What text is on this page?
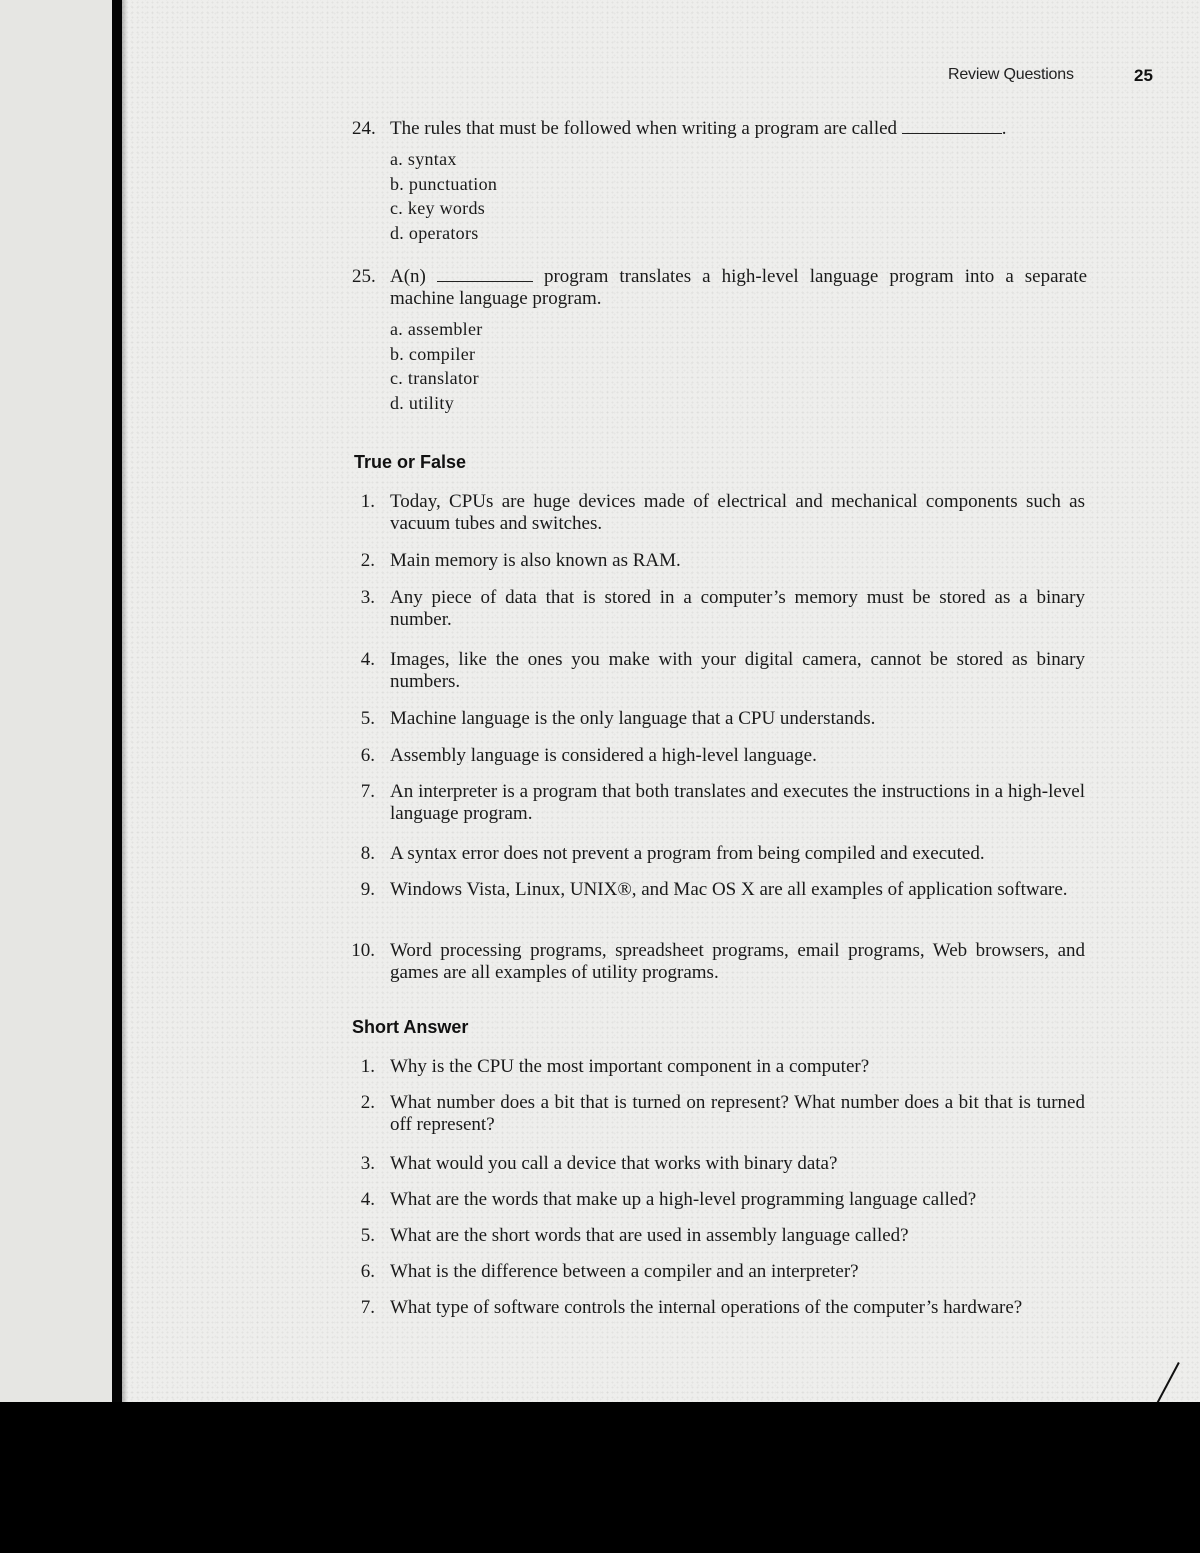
Review Questions	25
24. The rules that must be followed when writing a program are called	.
a. syntax
b. punctuation
c. key words
d. operators
25. A(n)	program translates a high-level language program into a separate machine language program.
a. assembler
b. compiler
c. translator
d. utility
True or False
1. Today, CPUs are huge devices made of electrical and mechanical components such as vacuum tubes and switches.
2. Main memory is also known as RAM.
3. Any piece of data that is stored in a computer’s memory must be stored as a binary number.
4. Images, like the ones you make with your digital camera, cannot be stored as binary numbers.
5. Machine language is the only language that a CPU understands.
6. Assembly language is considered a high-level language.
7. An interpreter is a program that both translates and executes the instructions in a high-level language program.
8. A syntax error does not prevent a program from being compiled and executed.
9. Windows Vista, Linux, UNIX®, and Mac OS X are all examples of application software.
10. Word processing programs, spreadsheet programs, email programs, Web browsers, and games are all examples of utility programs.
Short Answer
1. Why is the CPU the most important component in a computer?
2. What number does a bit that is turned on represent? What number does a bit that is turned off represent?
3. What would you call a device that works with binary data?
4. What are the words that make up a high-level programming language called?
5. What are the short words that are used in assembly language called?
6. What is the difference between a compiler and an interpreter?
7. What type of software controls the internal operations of the computer’s hardware?
